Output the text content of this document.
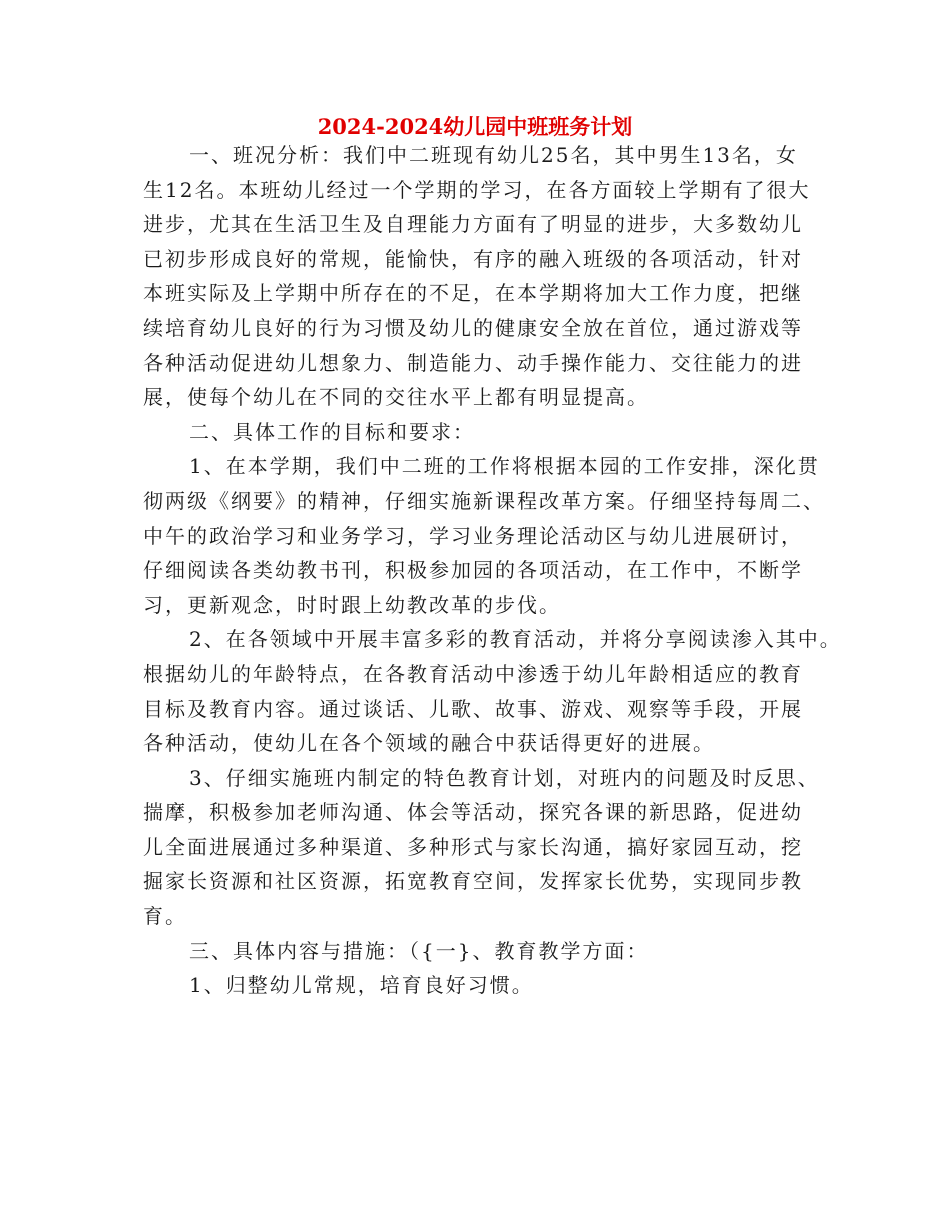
2024-2024幼儿园中班班务计划

一、班况分析：我们中二班现有幼儿25名，其中男生13名，女

生12名。本班幼儿经过一个学期的学习，在各方面较上学期有了很大

进步，尤其在生活卫生及自理能力方面有了明显的进步，大多数幼儿

已初步形成良好的常规，能愉快，有序的融入班级的各项活动，针对

本班实际及上学期中所存在的不足，在本学期将加大工作力度，把继

续培育幼儿良好的行为习惯及幼儿的健康安全放在首位，通过游戏等

各种活动促进幼儿想象力、制造能力、动手操作能力、交往能力的进

展，使每个幼儿在不同的交往水平上都有明显提高。

二、具体工作的目标和要求：

1、在本学期，我们中二班的工作将根据本园的工作安排，深化贯

彻两级《纲要》的精神，仔细实施新课程改革方案。仔细坚持每周二、

中午的政治学习和业务学习，学习业务理论活动区与幼儿进展研讨，

仔细阅读各类幼教书刊，积极参加园的各项活动，在工作中，不断学

习，更新观念，时时跟上幼教改革的步伐。

2、在各领域中开展丰富多彩的教育活动，并将分享阅读渗入其中。

根据幼儿的年龄特点，在各教育活动中渗透于幼儿年龄相适应的教育

目标及教育内容。通过谈话、儿歌、故事、游戏、观察等手段，开展

各种活动，使幼儿在各个领域的融合中获话得更好的进展。

3、仔细实施班内制定的特色教育计划，对班内的问题及时反思、

揣摩，积极参加老师沟通、体会等活动，探究各课的新思路，促进幼

儿全面进展通过多种渠道、多种形式与家长沟通，搞好家园互动，挖

掘家长资源和社区资源，拓宽教育空间，发挥家长优势，实现同步教

育。

三、具体内容与措施：（{一}、教育教学方面：

1、归整幼儿常规，培育良好习惯。
